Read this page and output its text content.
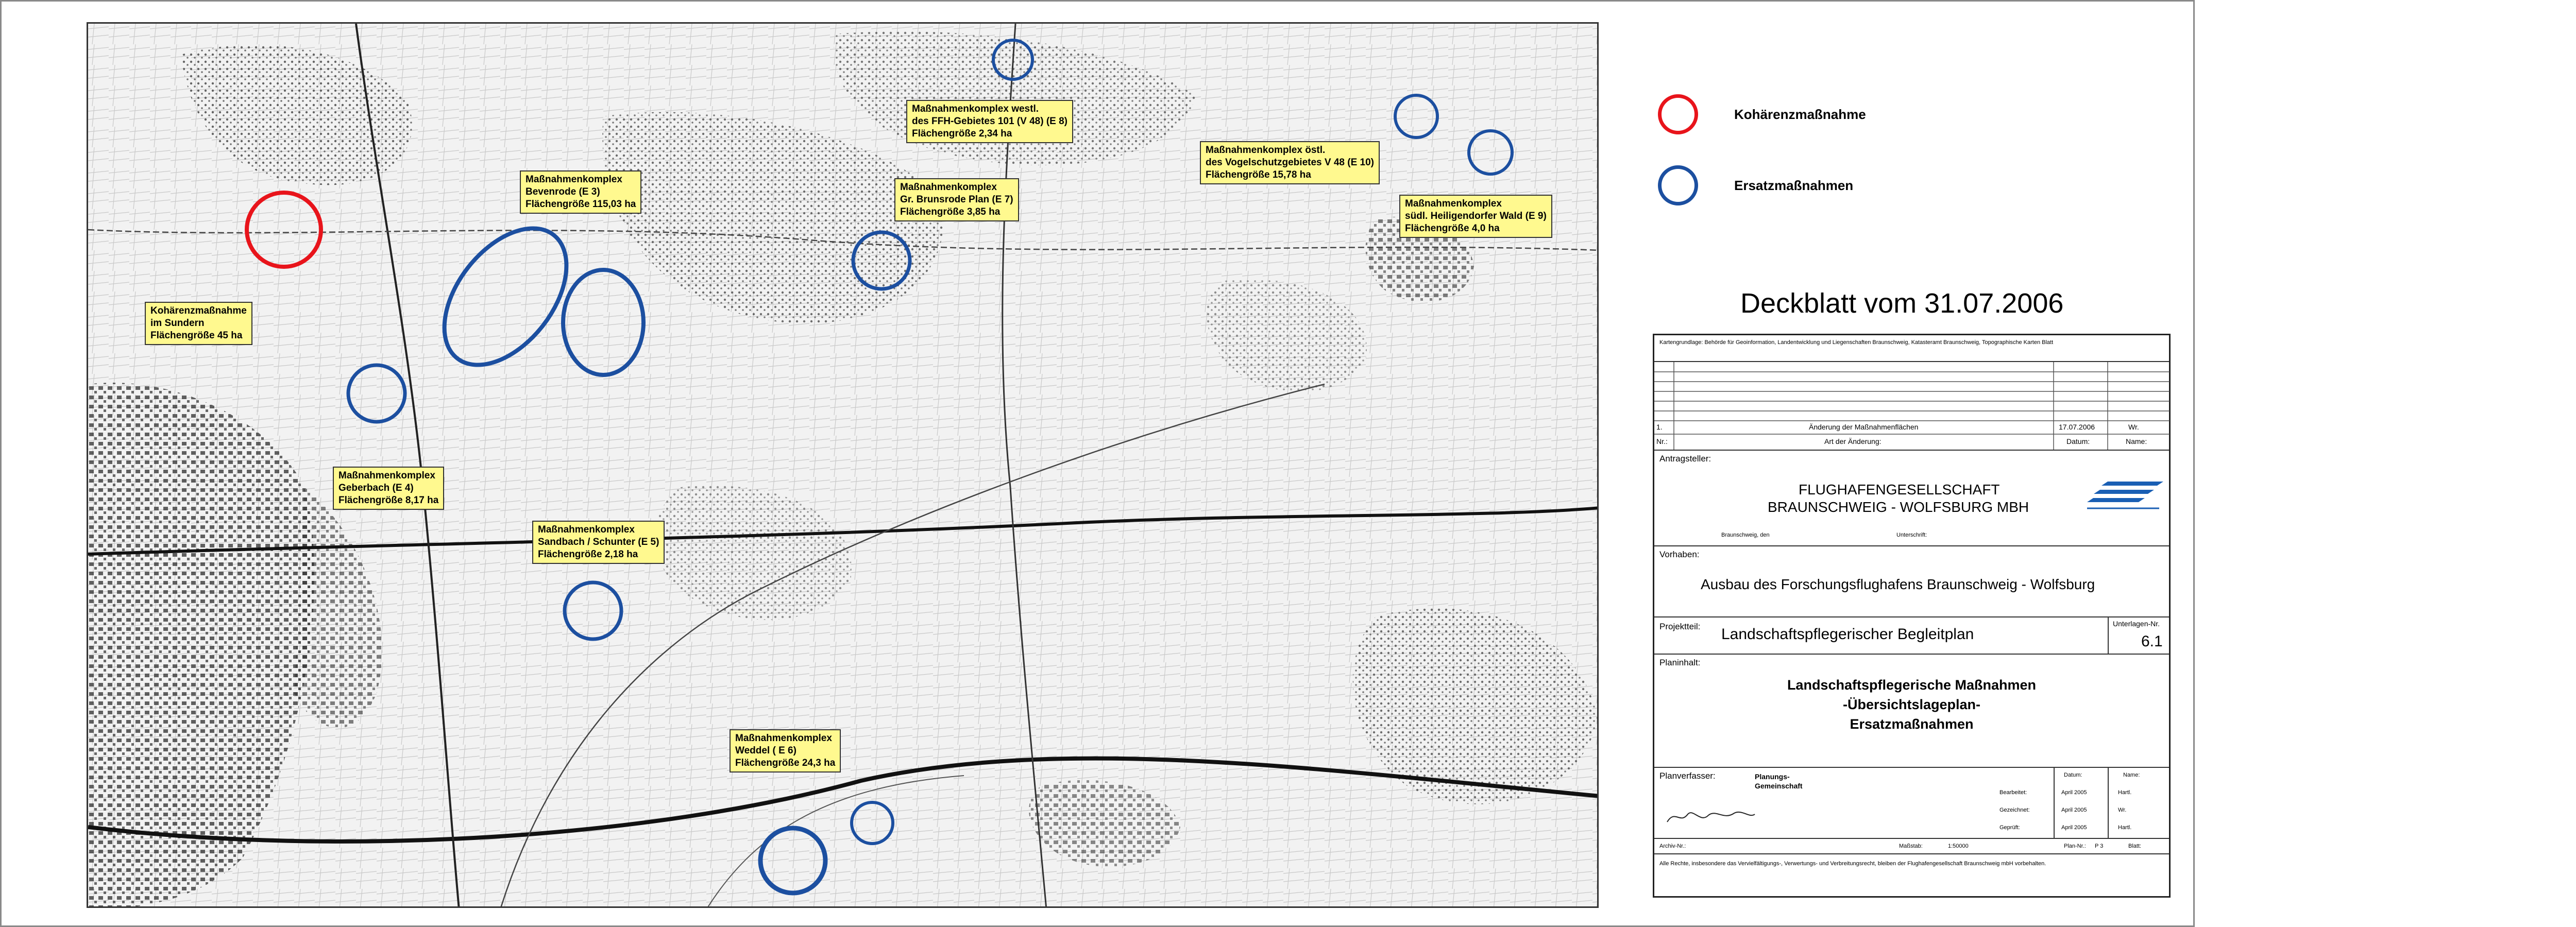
Kohärenzmaßnahme
im Sundern
Flächengröße 45 ha
Maßnahmenkomplex
Bevenrode (E 3)
Flächengröße 115,03 ha
Maßnahmenkomplex westl.
des FFH-Gebietes 101 (V 48) (E 8)
Flächengröße 2,34 ha
Maßnahmenkomplex
Gr. Brunsrode Plan (E 7)
Flächengröße 3,85 ha
Maßnahmenkomplex östl.
des Vogelschutzgebietes V 48 (E 10)
Flächengröße 15,78 ha
Maßnahmenkomplex
südl. Heiligendorfer Wald (E 9)
Flächengröße 4,0 ha
Maßnahmenkomplex
Geberbach (E 4)
Flächengröße 8,17 ha
Maßnahmenkomplex
Sandbach / Schunter (E 5)
Flächengröße 2,18 ha
Maßnahmenkomplex
Weddel ( E 6)
Flächengröße 24,3 ha
Kohärenzmaßnahme
Ersatzmaßnahmen
Deckblatt vom 31.07.2006
Kartengrundlage: Behörde für Geoinformation, Landentwicklung und Liegenschaften Braunschweig, Katasteramt Braunschweig, Topographische Karten Blatt
1.	Änderung der Maßnahmenflächen	17.07.2006	Wr.
Nr.:	Art der Änderung:	Datum:	Name:
Antragsteller:
FLUGHAFENGESELLSCHAFT
BRAUNSCHWEIG - WOLFSBURG MBH
Braunschweig, den	Unterschrift:
Vorhaben:
Ausbau des Forschungsflughafens Braunschweig - Wolfsburg
Projektteil: Landschaftspflegerischer Begleitplan
Unterlagen-Nr.
6.1
Planinhalt:
Landschaftspflegerische Maßnahmen
-Übersichtslageplan-
Ersatzmaßnahmen
Planverfasser:	Planungs-
Gemeinschaft
Datum:	Name:
Bearbeitet:	April 2005	Hartl.
Gezeichnet:	April 2005	Wr.
Geprüft:	April 2005	Hartl.
Archiv-Nr.:	Maßstab:	1:50000	Plan-Nr.: P 3	Blatt:
Alle Rechte, insbesondere das Vervielfältigungs-, Verwertungs- und Verbreitungsrecht, bleiben der Flughafengesellschaft Braunschweig mbH vorbehalten.
